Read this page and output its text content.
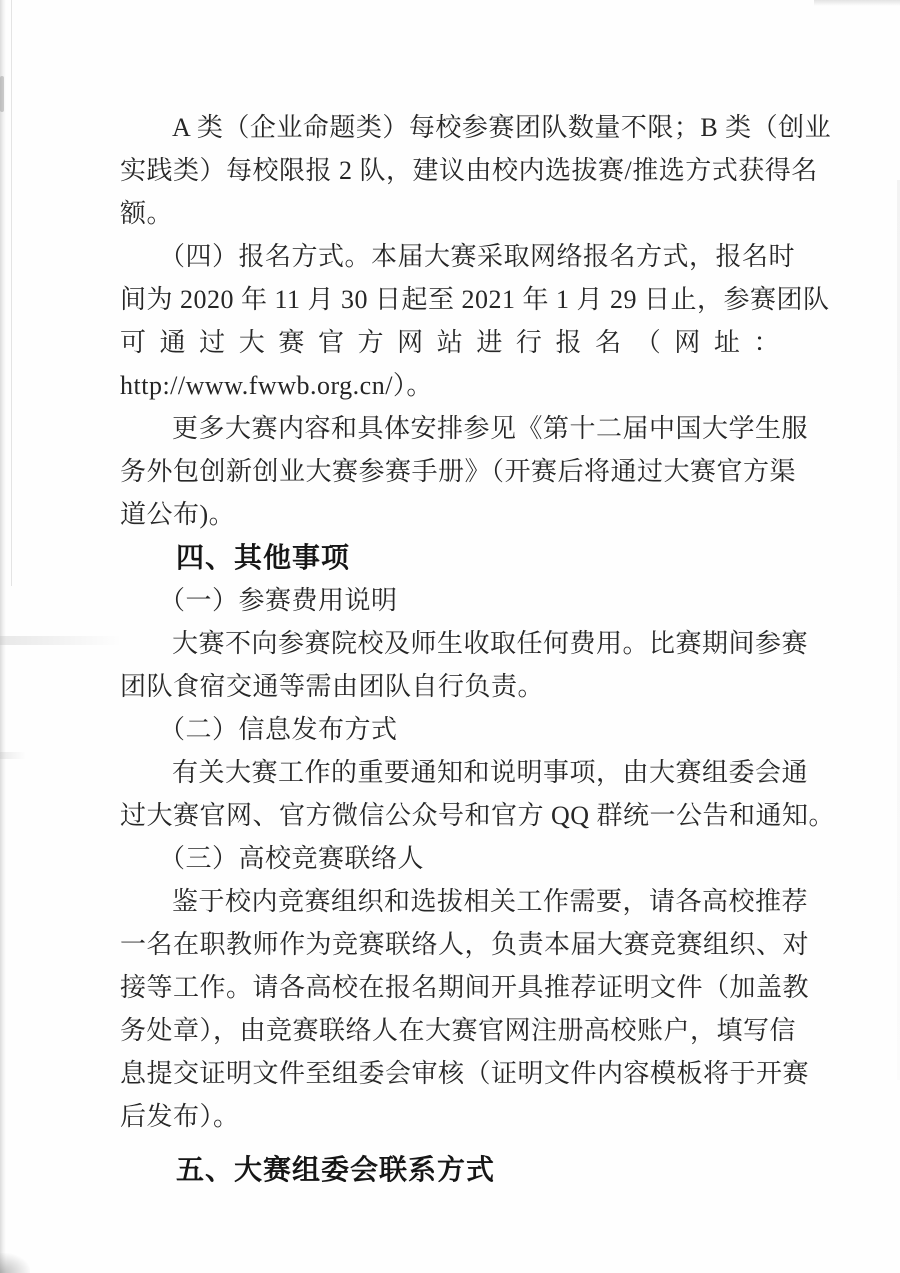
A 类（企业命题类）每校参赛团队数量不限；B 类（创业
实践类）每校限报 2 队，建议由校内选拔赛/推选方式获得名
额。
（四）报名方式。本届大赛采取网络报名方式，报名时
间为 2020 年 11 月 30 日起至 2021 年 1 月 29 日止，参赛团队
可通过大赛官方网站进行报名（网址：
http://www.fwwb.org.cn/）。
更多大赛内容和具体安排参见《第十二届中国大学生服
务外包创新创业大赛参赛手册》（开赛后将通过大赛官方渠
道公布)。
四、其他事项
（一）参赛费用说明
大赛不向参赛院校及师生收取任何费用。比赛期间参赛
团队食宿交通等需由团队自行负责。
（二）信息发布方式
有关大赛工作的重要通知和说明事项，由大赛组委会通
过大赛官网、官方微信公众号和官方 QQ 群统一公告和通知。
（三）高校竞赛联络人
鉴于校内竞赛组织和选拔相关工作需要，请各高校推荐
一名在职教师作为竞赛联络人，负责本届大赛竞赛组织、对
接等工作。请各高校在报名期间开具推荐证明文件（加盖教
务处章），由竞赛联络人在大赛官网注册高校账户，填写信
息提交证明文件至组委会审核（证明文件内容模板将于开赛
后发布）。
五、大赛组委会联系方式
